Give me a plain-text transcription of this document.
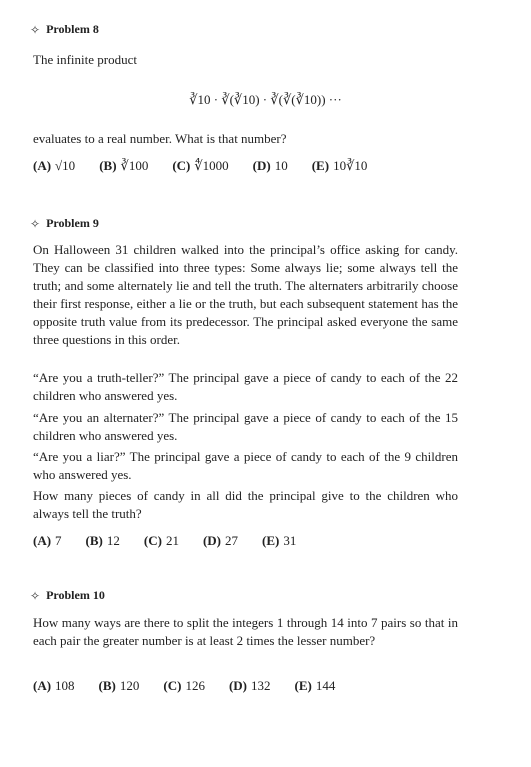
✧ Problem 8
The infinite product
∛10 · ∛(∛10) · ∛(∛(∛10)) ···
evaluates to a real number. What is that number?
(A) √10 (B) ∛100 (C) ∜1000 (D) 10 (E) 10∛10
✧ Problem 9
On Halloween 31 children walked into the principal’s office asking for candy. They can be classified into three types: Some always lie; some always tell the truth; and some alternately lie and tell the truth. The alternaters arbitrarily choose their first response, either a lie or the truth, but each subsequent statement has the opposite truth value from its predecessor. The principal asked everyone the same three questions in this order.
“Are you a truth-teller?” The principal gave a piece of candy to each of the 22 children who answered yes.
“Are you an alternater?” The principal gave a piece of candy to each of the 15 children who answered yes.
“Are you a liar?” The principal gave a piece of candy to each of the 9 children who answered yes.
How many pieces of candy in all did the principal give to the children who always tell the truth?
(A) 7 (B) 12 (C) 21 (D) 27 (E) 31
✧ Problem 10
How many ways are there to split the integers 1 through 14 into 7 pairs so that in each pair the greater number is at least 2 times the lesser number?
(A) 108 (B) 120 (C) 126 (D) 132 (E) 144
